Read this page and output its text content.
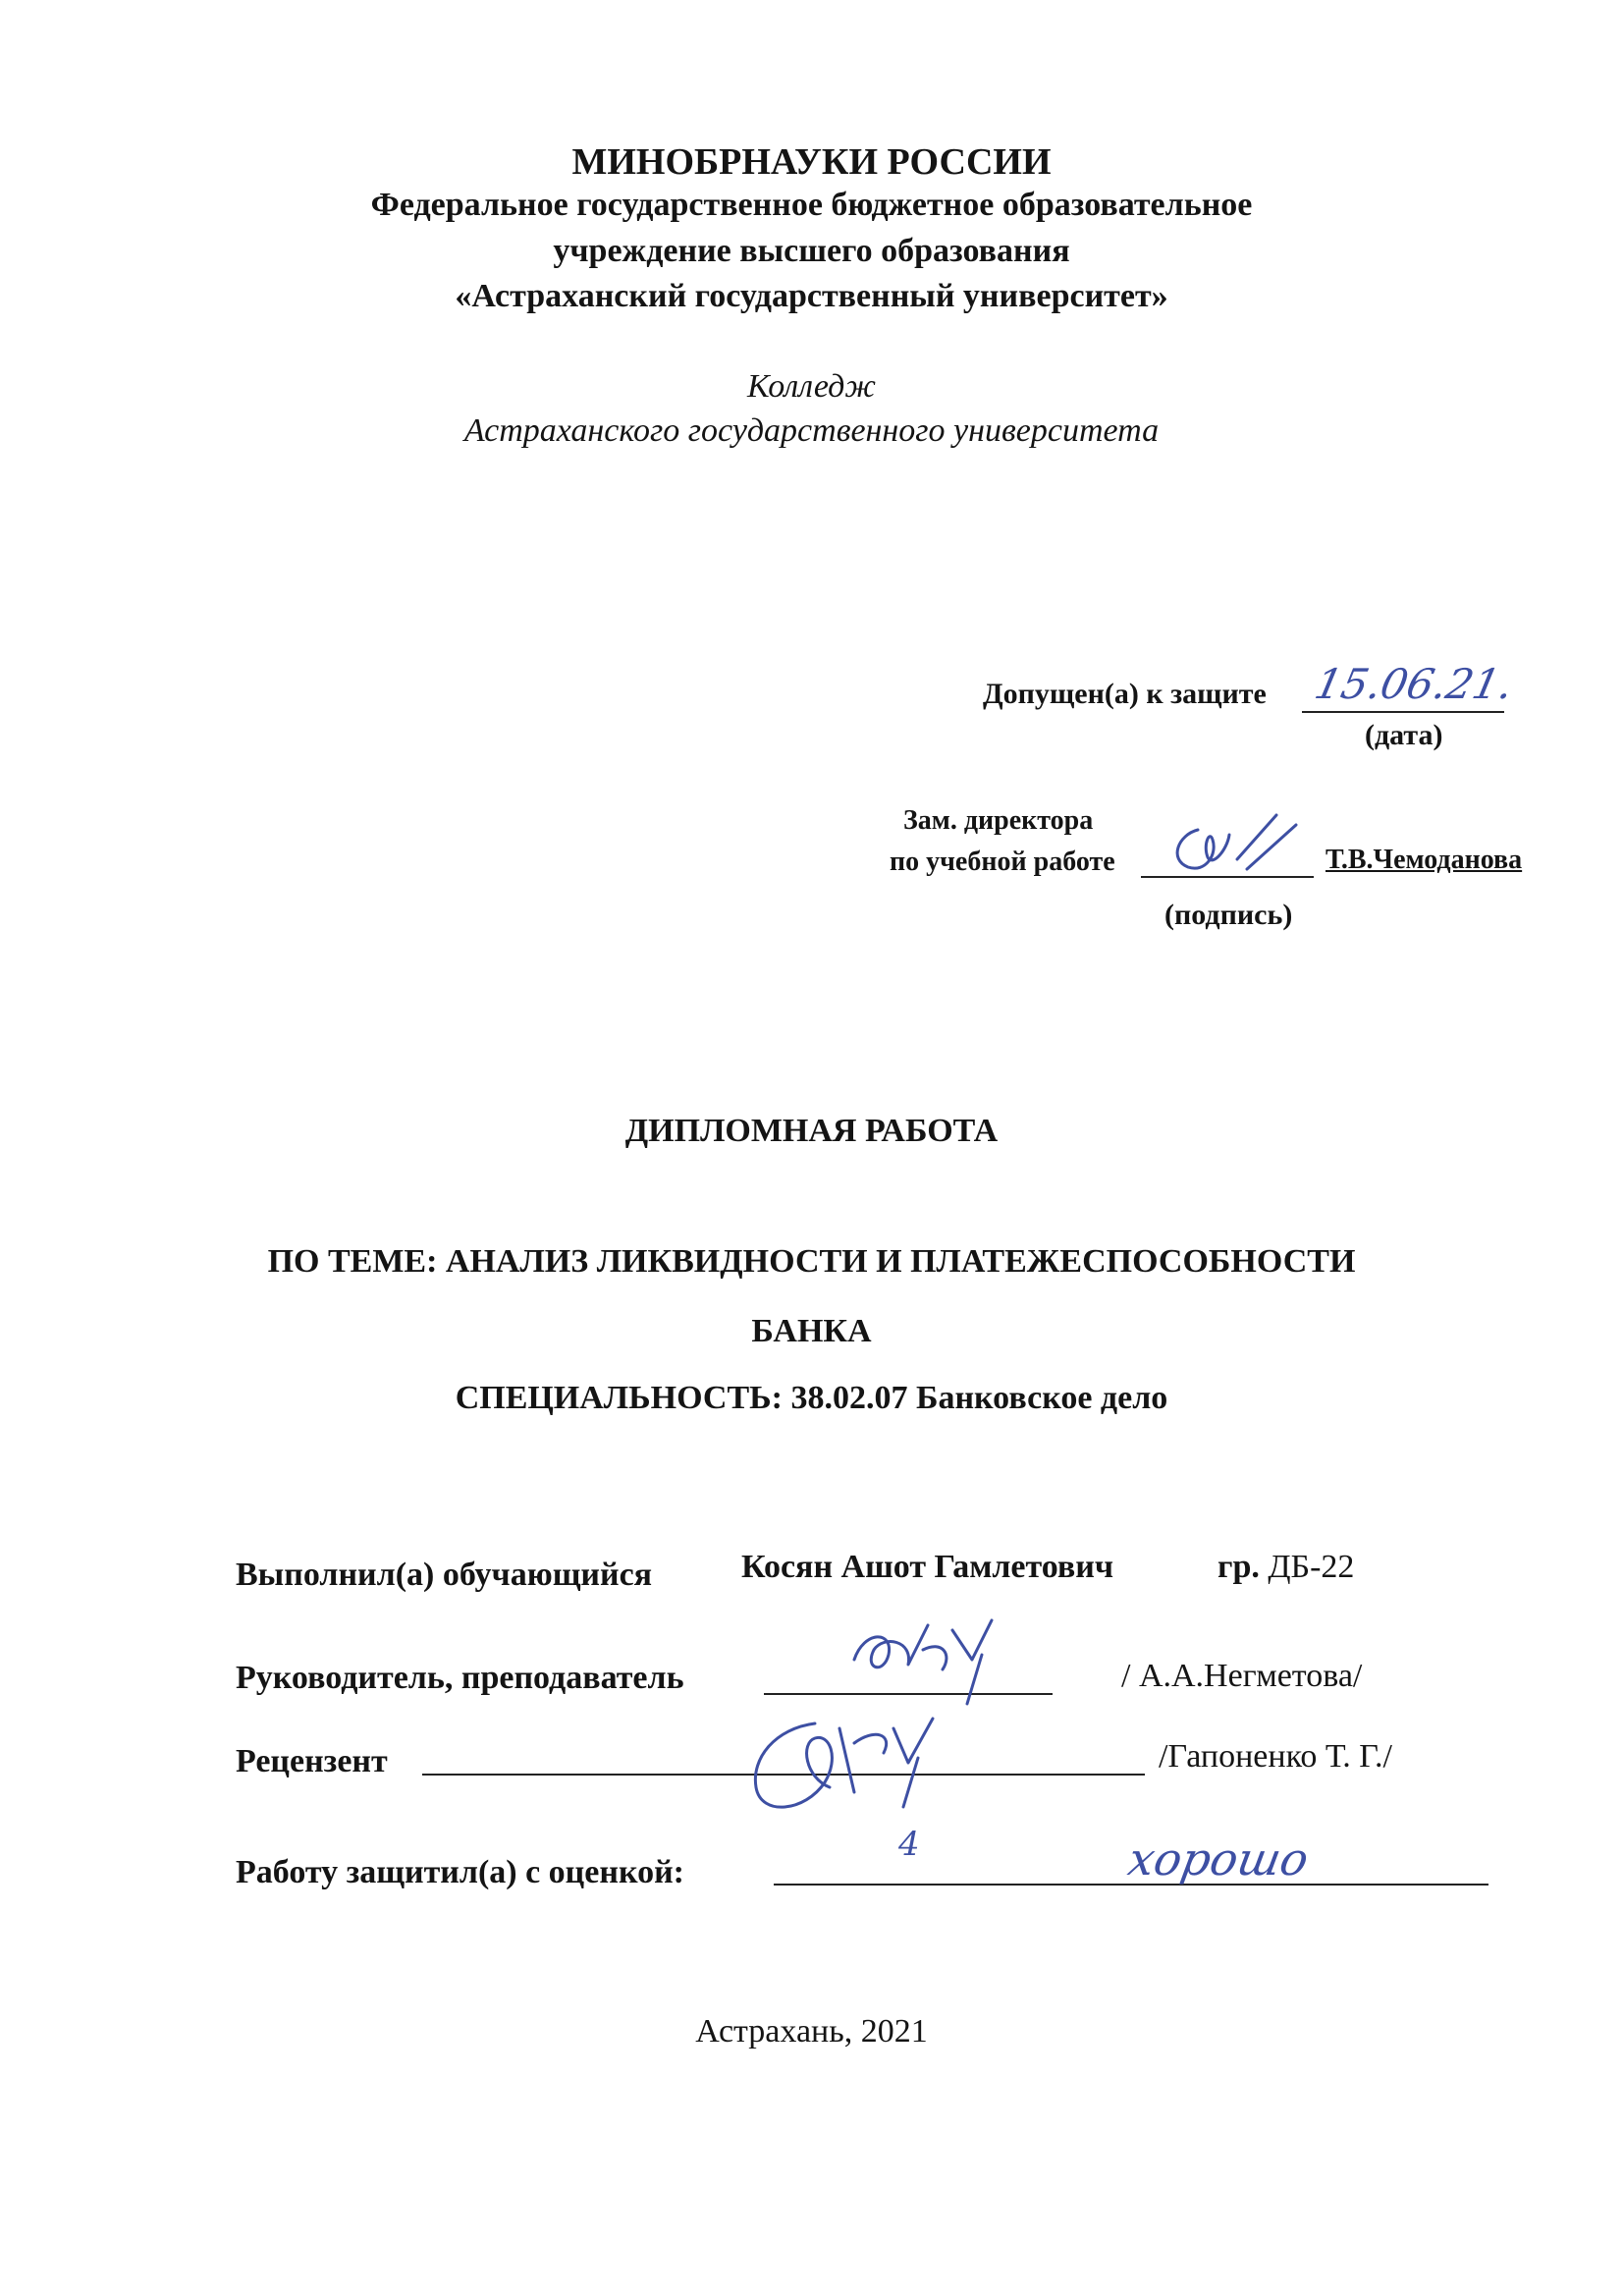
МИНОБРНАУКИ РОССИИ
Федеральное государственное бюджетное образовательное
учреждение высшего образования
«Астраханский государственный университет»
Колледж
Астраханского государственного университета
Допущен(а) к защите 15.06.21.
(дата)
Зам. директора
по учебной работе	Т.В.Чемоданова
(подпись)
ДИПЛОМНАЯ РАБОТА
ПО ТЕМЕ: АНАЛИЗ ЛИКВИДНОСТИ И ПЛАТЕЖЕСПОСОБНОСТИ
БАНКА
СПЕЦИАЛЬНОСТЬ: 38.02.07 Банковское дело
Выполнил(а) обучающийся	Косян Ашот Гамлетович	гр. ДБ-22
Руководитель, преподаватель	/ А.А.Негметова/
Рецензент	/Гапоненко Т. Г./
Работу защитил(а) с оценкой:
4	хорошо
Астрахань, 2021
